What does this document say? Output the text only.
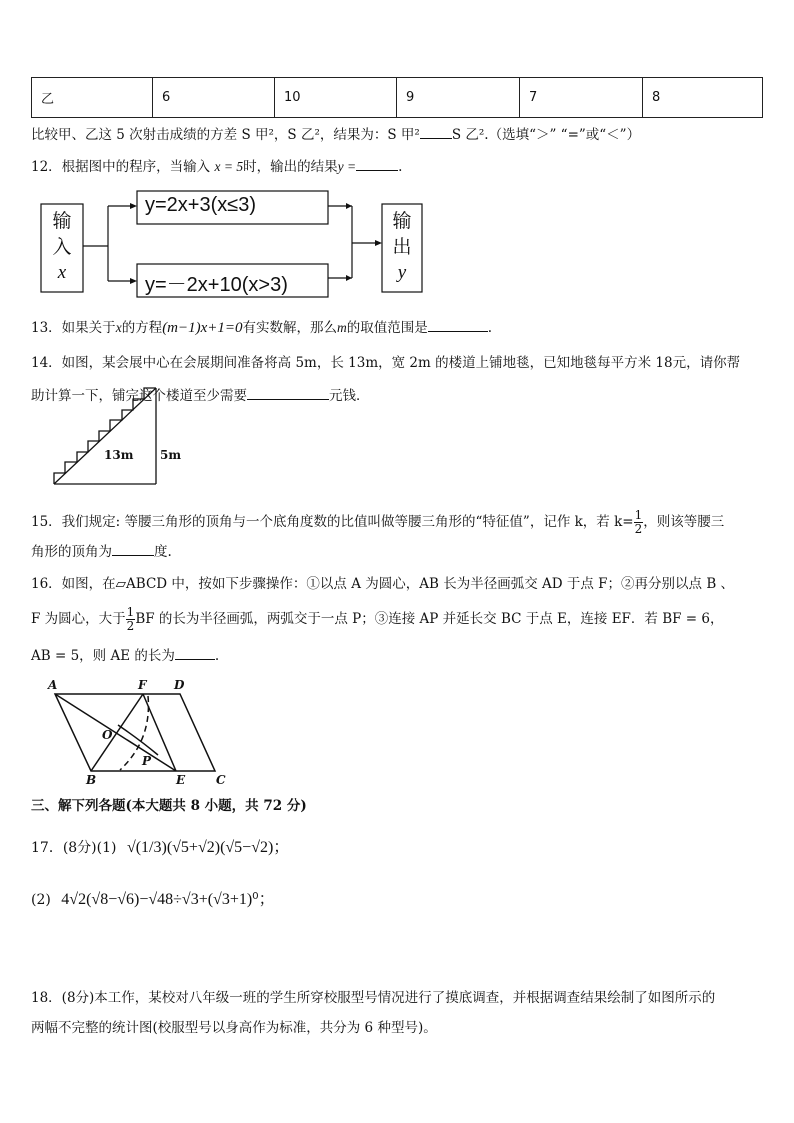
乙	6	10	9	7	8
比较甲、乙这 5 次射击成绩的方差 S 甲²，S 乙²，结果为：S 甲² S 乙².（选填“＞” “=”或“＜”）
12．根据图中的程序，当输入 x = 5时，输出的结果y =	.
输
入
x
输
出
y
y=2x+3(x≤3)
y=－2x+10(x>3)
13．如果关于x的方程(m−1)x+1=0有实数解，那么m的取值范围是	.
14．如图，某会展中心在会展期间准备将高 5m，长 13m，宽 2m 的楼道上铺地毯，已知地毯每平方米 18元，请你帮
助计算一下，铺完这个楼道至少需要	元钱．
13m 5m
15．我们规定: 等腰三角形的顶角与一个底角度数的比值叫做等腰三角形的“特征值”，记作 k，若 $k= \frac{1}{2}$ ，则该等腰三
角形的顶角为	度.
16．如图，在▱ABCD 中，按如下步骤操作：①以点 A 为圆心，AB 长为半径画弧交 AD 于点 F；②再分别以点 B 、
F 为圆心，大于 $\frac{1}{2}$ BF 的长为半径画弧，两弧交于一点 P；③连接 AP 并延长交 BC 于点 E，连接 EF．若 BF = 6，
AB = 5，则 AE 的长为	.
A	F D
O
P
B	E	C
三、解下列各题(本大题共 8 小题，共 72 分)
17．(8分)(1) √(1/3)(√5+√2)(√5−√2)；
(2) 4√2(√8−√6)−√48÷√3+(√3+1)⁰；
18．(8分)本工作，某校对八年级一班的学生所穿校服型号情况进行了摸底调查，并根据调查结果绘制了如图所示的
两幅不完整的统计图(校服型号以身高作为标准，共分为 6 种型号)。
